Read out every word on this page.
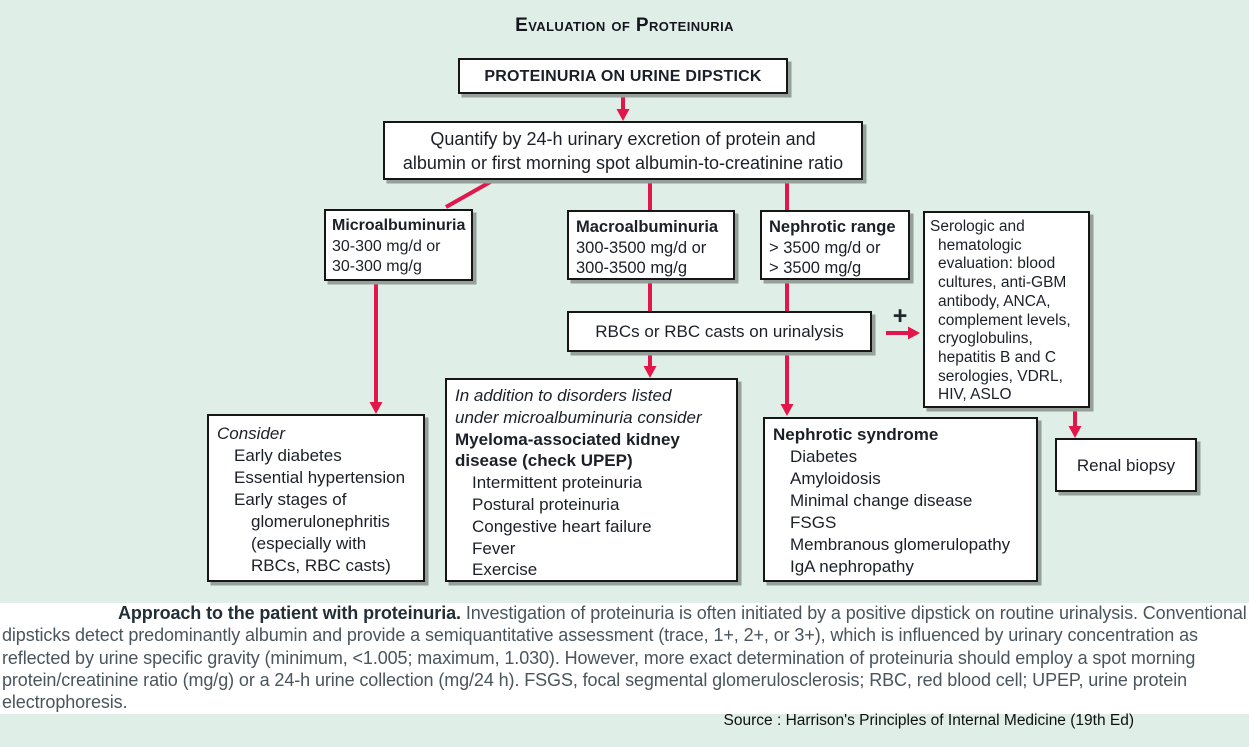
Evaluation of Proteinuria
PROTEINURIA ON URINE DIPSTICK
Quantify by 24-h urinary excretion of protein and
albumin or first morning spot albumin-to-creatinine ratio
Microalbuminuria
30-300 mg/d or
30-300 mg/g
Macroalbuminuria
300-3500 mg/d or
300-3500 mg/g
Nephrotic range
> 3500 mg/d or
> 3500 mg/g
Serologic and
hematologic
evaluation: blood
cultures, anti-GBM
antibody, ANCA,
complement levels,
cryoglobulins,
hepatitis B and C
serologies, VDRL,
HIV, ASLO
RBCs or RBC casts on urinalysis
+
Consider
Early diabetes
Essential hypertension
Early stages of glomerulonephritis (especially with RBCs, RBC casts)
In addition to disorders listed
under microalbuminuria consider
Myeloma-associated kidney
disease (check UPEP)
Intermittent proteinuria
Postural proteinuria
Congestive heart failure
Fever
Exercise
Nephrotic syndrome
Diabetes
Amyloidosis
Minimal change disease
FSGS
Membranous glomerulopathy
IgA nephropathy
Renal biopsy

Approach to the patient with proteinuria. Investigation of proteinuria is often initiated by a positive dipstick on routine urinalysis. Conventional dipsticks detect predominantly albumin and provide a semiquantitative assessment (trace, 1+, 2+, or 3+), which is influenced by urinary concentration as reflected by urine specific gravity (minimum, <1.005; maximum, 1.030). However, more exact determination of proteinuria should employ a spot morning protein/creatinine ratio (mg/g) or a 24-h urine collection (mg/24 h). FSGS, focal segmental glomerulosclerosis; RBC, red blood cell; UPEP, urine protein electrophoresis.

Source : Harrison's Principles of Internal Medicine (19th Ed)
